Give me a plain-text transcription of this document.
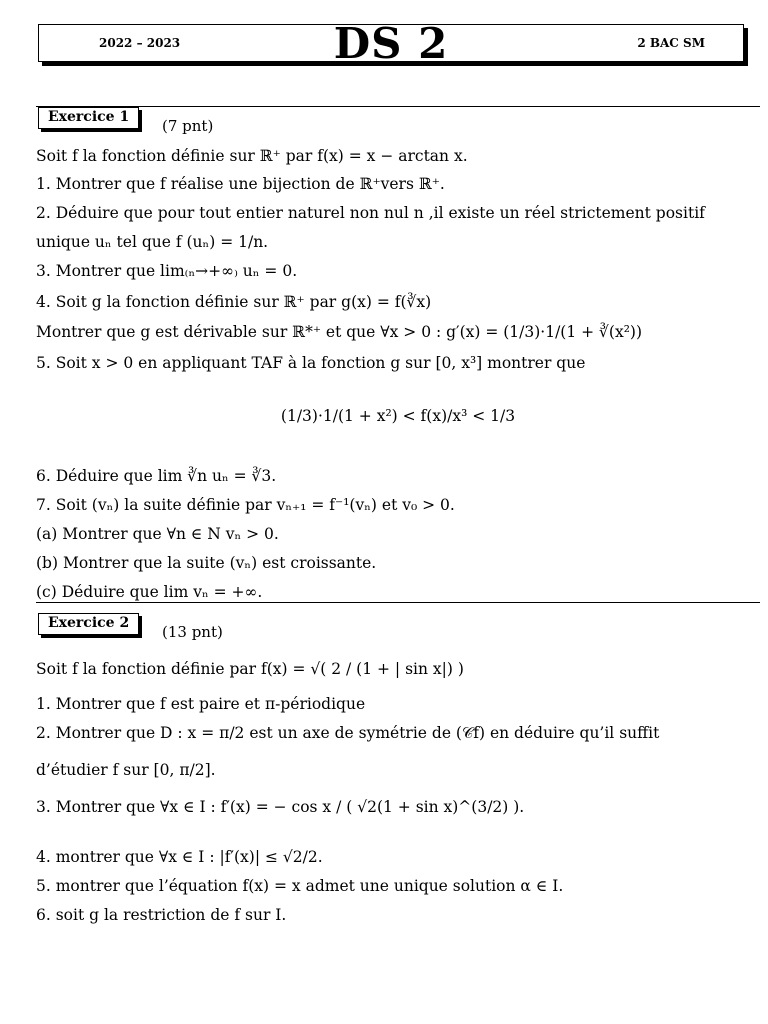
2022 – 2023	DS 2	2 BAC SM
Exercice 1	(7 pnt)
Soit f la fonction définie sur ℝ⁺ par f(x) = x − arctan x.
1. Montrer que f réalise une bijection de ℝ⁺vers ℝ⁺.
2. Déduire que pour tout entier naturel non nul n ,il existe un réel strictement positif
unique uₙ tel que f (uₙ) = 1/n.
3. Montrer que lim₍ₙ→+∞₎ uₙ = 0.
4. Soit g la fonction définie sur ℝ⁺ par g(x) = f(∛x)
Montrer que g est dérivable sur ℝ*⁺ et que ∀x > 0 : g′(x) = (1/3)·1/(1 + ∛(x²))
5. Soit x > 0 en appliquant TAF à la fonction g sur [0, x³] montrer que
(1/3)·1/(1 + x²) < f(x)/x³ < 1/3
6. Déduire que lim ∛n uₙ = ∛3.
7. Soit (vₙ) la suite définie par vₙ₊₁ = f⁻¹(vₙ) et v₀ > 0.
(a) Montrer que ∀n ∈ N vₙ > 0.
(b) Montrer que la suite (vₙ) est croissante.
(c) Déduire que lim vₙ = +∞.
Exercice 2	(13 pnt)
Soit f la fonction définie par f(x) = √( 2 / (1 + | sin x|) )
1. Montrer que f est paire et π-périodique
2. Montrer que D : x = π/2 est un axe de symétrie de (𝒞f) en déduire qu’il suffit
d’étudier f sur [0, π/2].
3. Montrer que ∀x ∈ I : f′(x) = − cos x / ( √2(1 + sin x)^(3/2) ).
4. montrer que ∀x ∈ I : |f′(x)| ≤ √2/2.
5. montrer que l’équation f(x) = x admet une unique solution α ∈ I.
6. soit g la restriction de f sur I.
